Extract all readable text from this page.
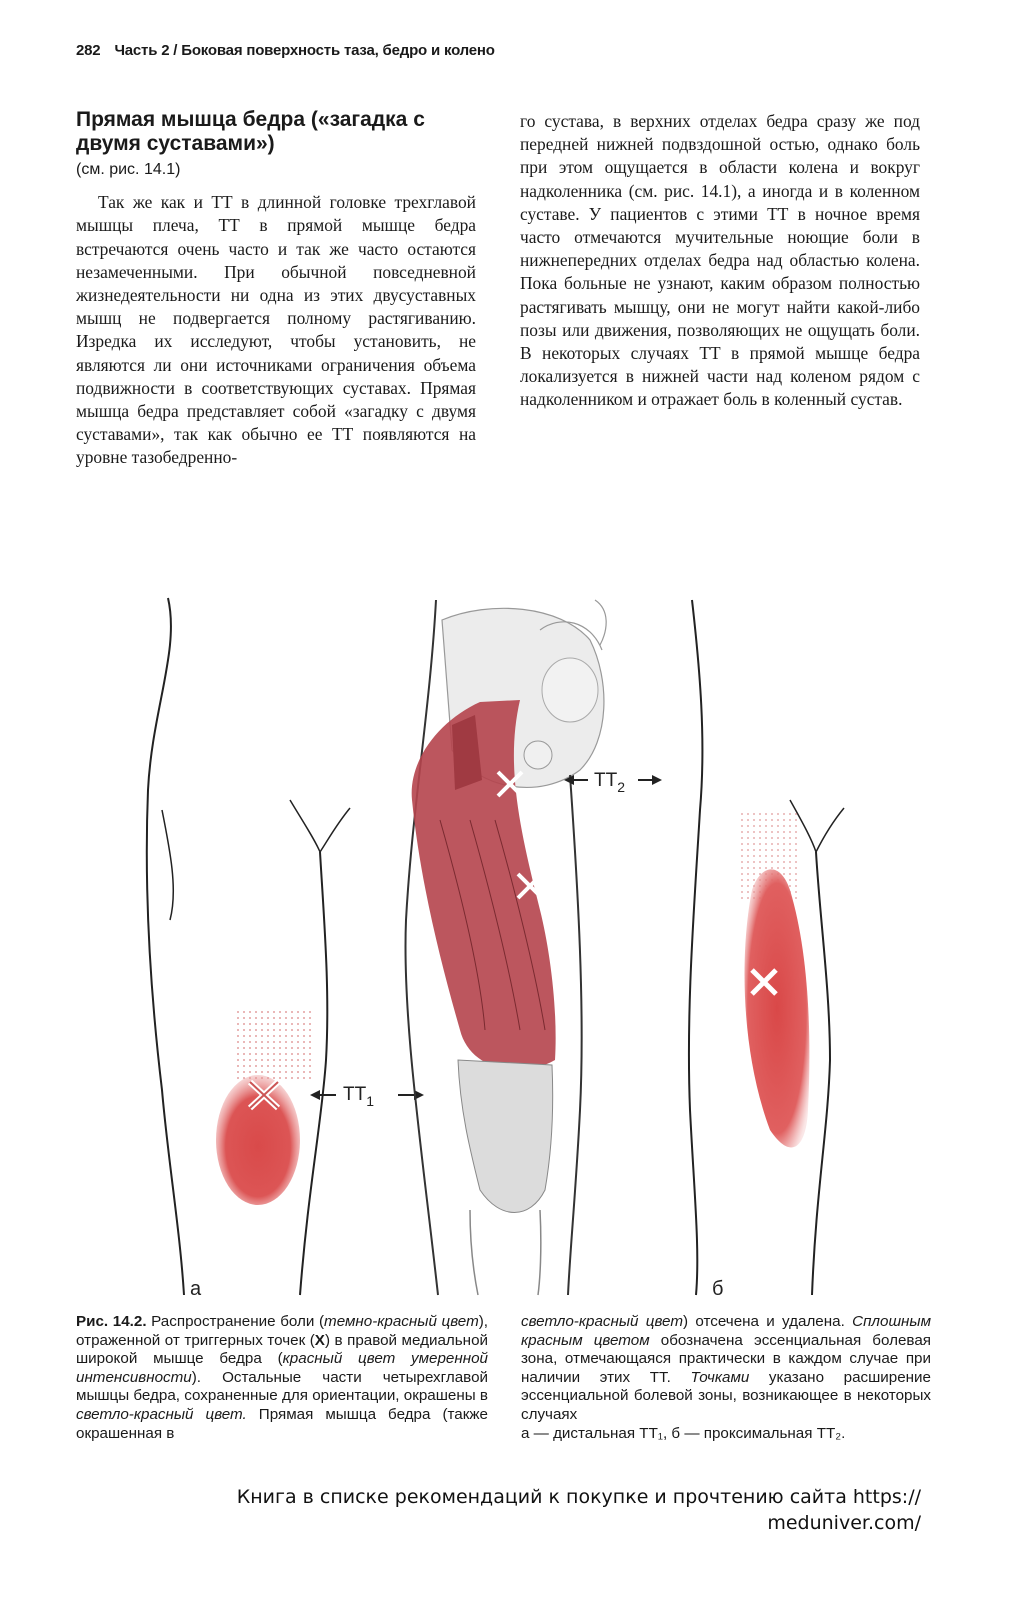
282 Часть 2 / Боковая поверхность таза, бедро и колено
Прямая мышца бедра («загадка с двумя суставами»)
(см. рис. 14.1)

Так же как и ТТ в длинной головке трехглавой мышцы плеча, ТТ в прямой мышце бедра встречаются очень часто и так же часто остаются незамеченными. При обычной повседневной жизнедеятельности ни одна из этих двусуставных мышц не подвергается полному растягиванию. Изредка их исследуют, чтобы установить, не являются ли они источниками ограничения объема подвижности в соответствующих суставах. Прямая мышца бедра представляет собой «загадку с двумя суставами», так как обычно ее ТТ появляются на уровне тазобедренно-

го сустава, в верхних отделах бедра сразу же под передней нижней подвздошной остью, однако боль при этом ощущается в области колена и вокруг надколенника (см. рис. 14.1), а иногда и в коленном суставе. У пациентов с этими ТТ в ночное время часто отмечаются мучительные ноющие боли в нижнепередних отделах бедра над областью колена. Пока больные не узнают, каким образом полностью растягивать мышцу, они не могут найти какой-либо позы или движения, позволяющих не ощущать боли. В некоторых случаях ТТ в прямой мышце бедра локализуется в нижней части над коленом рядом с надколенником и отражает боль в коленный сустав.

а
$ТТ_1$
$ТТ_2$
б
Рис. 14.2. Распространение боли (темно-красный цвет), отраженной от триггерных точек (X) в правой медиальной широкой мышце бедра (красный цвет умеренной интенсивности). Остальные части четырехглавой мышцы бедра, сохраненные для ориентации, окрашены в светло-красный цвет. Прямая мышца бедра (также окрашенная в
светло-красный цвет) отсечена и удалена. Сплошным красным цветом обозначена эссенциальная болевая зона, отмечающаяся практически в каждом случае при наличии этих ТТ. Точками указано расширение эссенциальной болевой зоны, возникающее в некоторых случаях
а — дистальная ТТ₁, б — проксимальная ТТ₂.
Книга в списке рекомендаций к покупке и прочтению сайта https://
meduniver.com/
